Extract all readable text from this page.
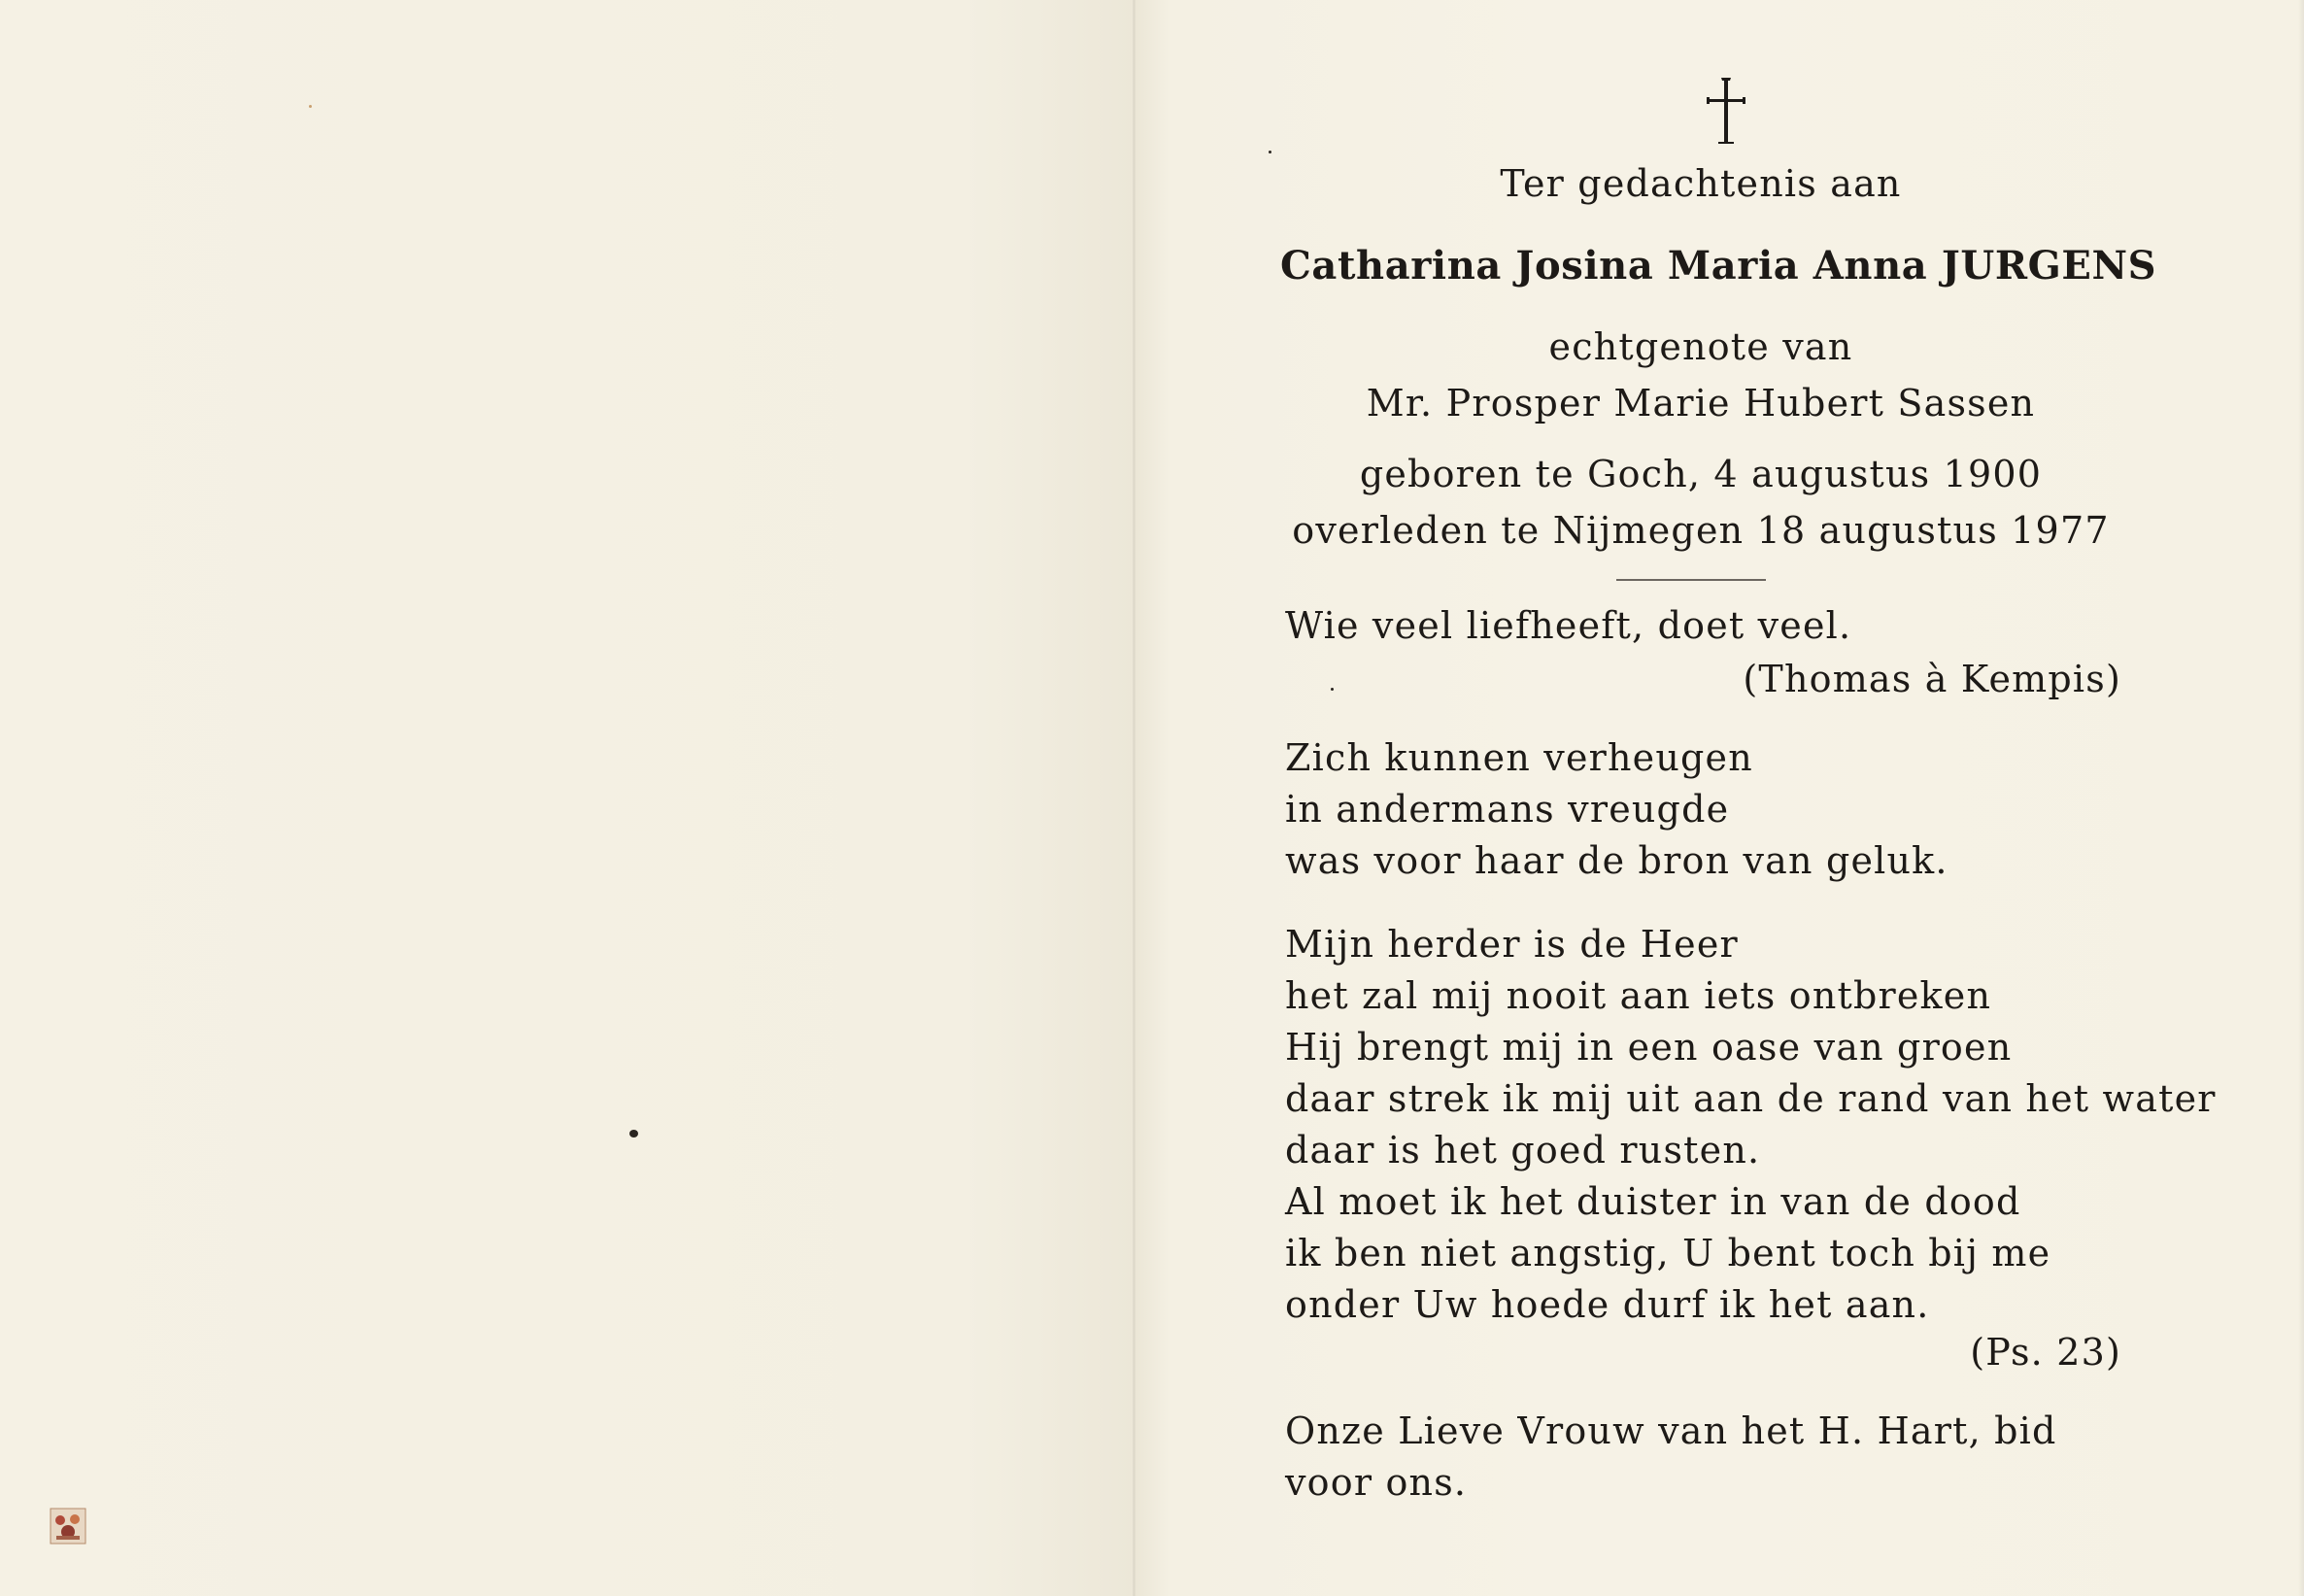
Ter gedachtenis aan
Catharina Josina Maria Anna JURGENS
echtgenote van
Mr. Prosper Marie Hubert Sassen
geboren te Goch, 4 augustus 1900
overleden te Nijmegen 18 augustus 1977
Wie veel liefheeft, doet veel.
(Thomas à Kempis)
Zich kunnen verheugen
in andermans vreugde
was voor haar de bron van geluk.
Mijn herder is de Heer
het zal mij nooit aan iets ontbreken
Hij brengt mij in een oase van groen
daar strek ik mij uit aan de rand van het water
daar is het goed rusten.
Al moet ik het duister in van de dood
ik ben niet angstig, U bent toch bij me
onder Uw hoede durf ik het aan.
(Ps. 23)
Onze Lieve Vrouw van het H. Hart, bid
voor ons.
